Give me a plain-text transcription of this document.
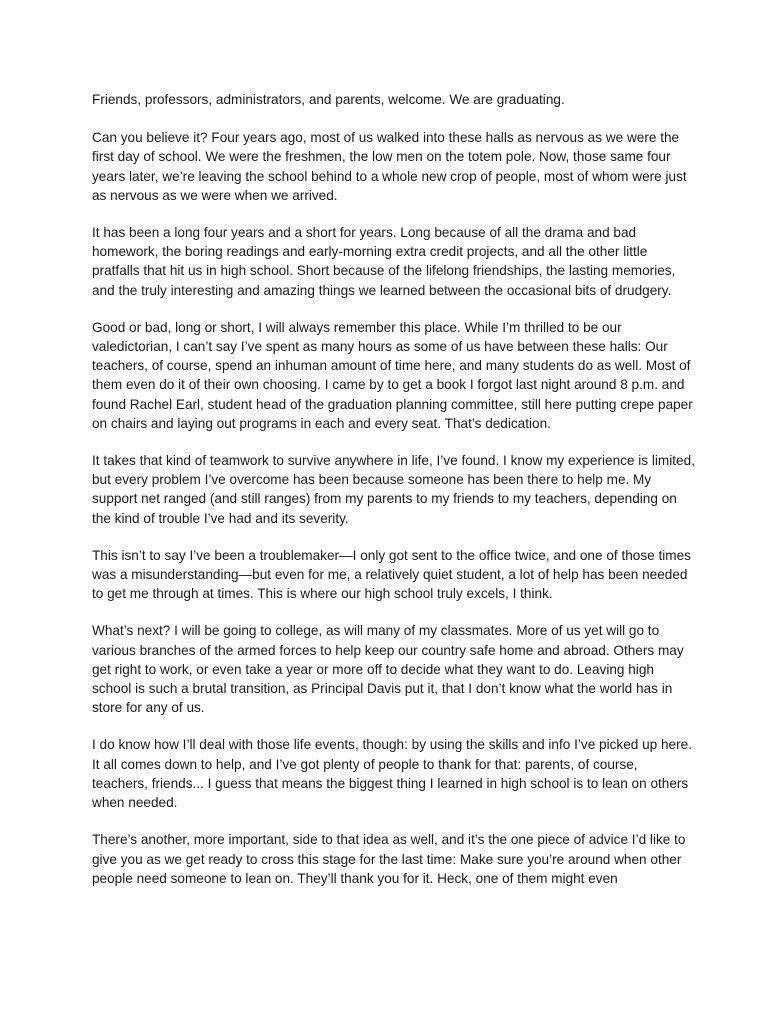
Friends, professors, administrators, and parents, welcome. We are graduating.

Can you believe it? Four years ago, most of us walked into these halls as nervous as we were the first day of school. We were the freshmen, the low men on the totem pole. Now, those same four years later, we’re leaving the school behind to a whole new crop of people, most of whom were just as nervous as we were when we arrived.

It has been a long four years and a short for years. Long because of all the drama and bad homework, the boring readings and early-morning extra credit projects, and all the other little pratfalls that hit us in high school. Short because of the lifelong friendships, the lasting memories, and the truly interesting and amazing things we learned between the occasional bits of drudgery.

Good or bad, long or short, I will always remember this place. While I’m thrilled to be our valedictorian, I can’t say I’ve spent as many hours as some of us have between these halls: Our teachers, of course, spend an inhuman amount of time here, and many students do as well. Most of them even do it of their own choosing. I came by to get a book I forgot last night around 8 p.m. and found Rachel Earl, student head of the graduation planning committee, still here putting crepe paper on chairs and laying out programs in each and every seat. That’s dedication.

It takes that kind of teamwork to survive anywhere in life, I’ve found. I know my experience is limited, but every problem I’ve overcome has been because someone has been there to help me. My support net ranged (and still ranges) from my parents to my friends to my teachers, depending on the kind of trouble I’ve had and its severity.

This isn’t to say I’ve been a troublemaker—I only got sent to the office twice, and one of those times was a misunderstanding—but even for me, a relatively quiet student, a lot of help has been needed to get me through at times. This is where our high school truly excels, I think.

What’s next? I will be going to college, as will many of my classmates. More of us yet will go to various branches of the armed forces to help keep our country safe home and abroad. Others may get right to work, or even take a year or more off to decide what they want to do. Leaving high school is such a brutal transition, as Principal Davis put it, that I don’t know what the world has in store for any of us.

I do know how I’ll deal with those life events, though: by using the skills and info I’ve picked up here. It all comes down to help, and I’ve got plenty of people to thank for that: parents, of course, teachers, friends... I guess that means the biggest thing I learned in high school is to lean on others when needed.

There’s another, more important, side to that idea as well, and it’s the one piece of advice I’d like to give you as we get ready to cross this stage for the last time: Make sure you’re around when other people need someone to lean on. They’ll thank you for it. Heck, one of them might even
